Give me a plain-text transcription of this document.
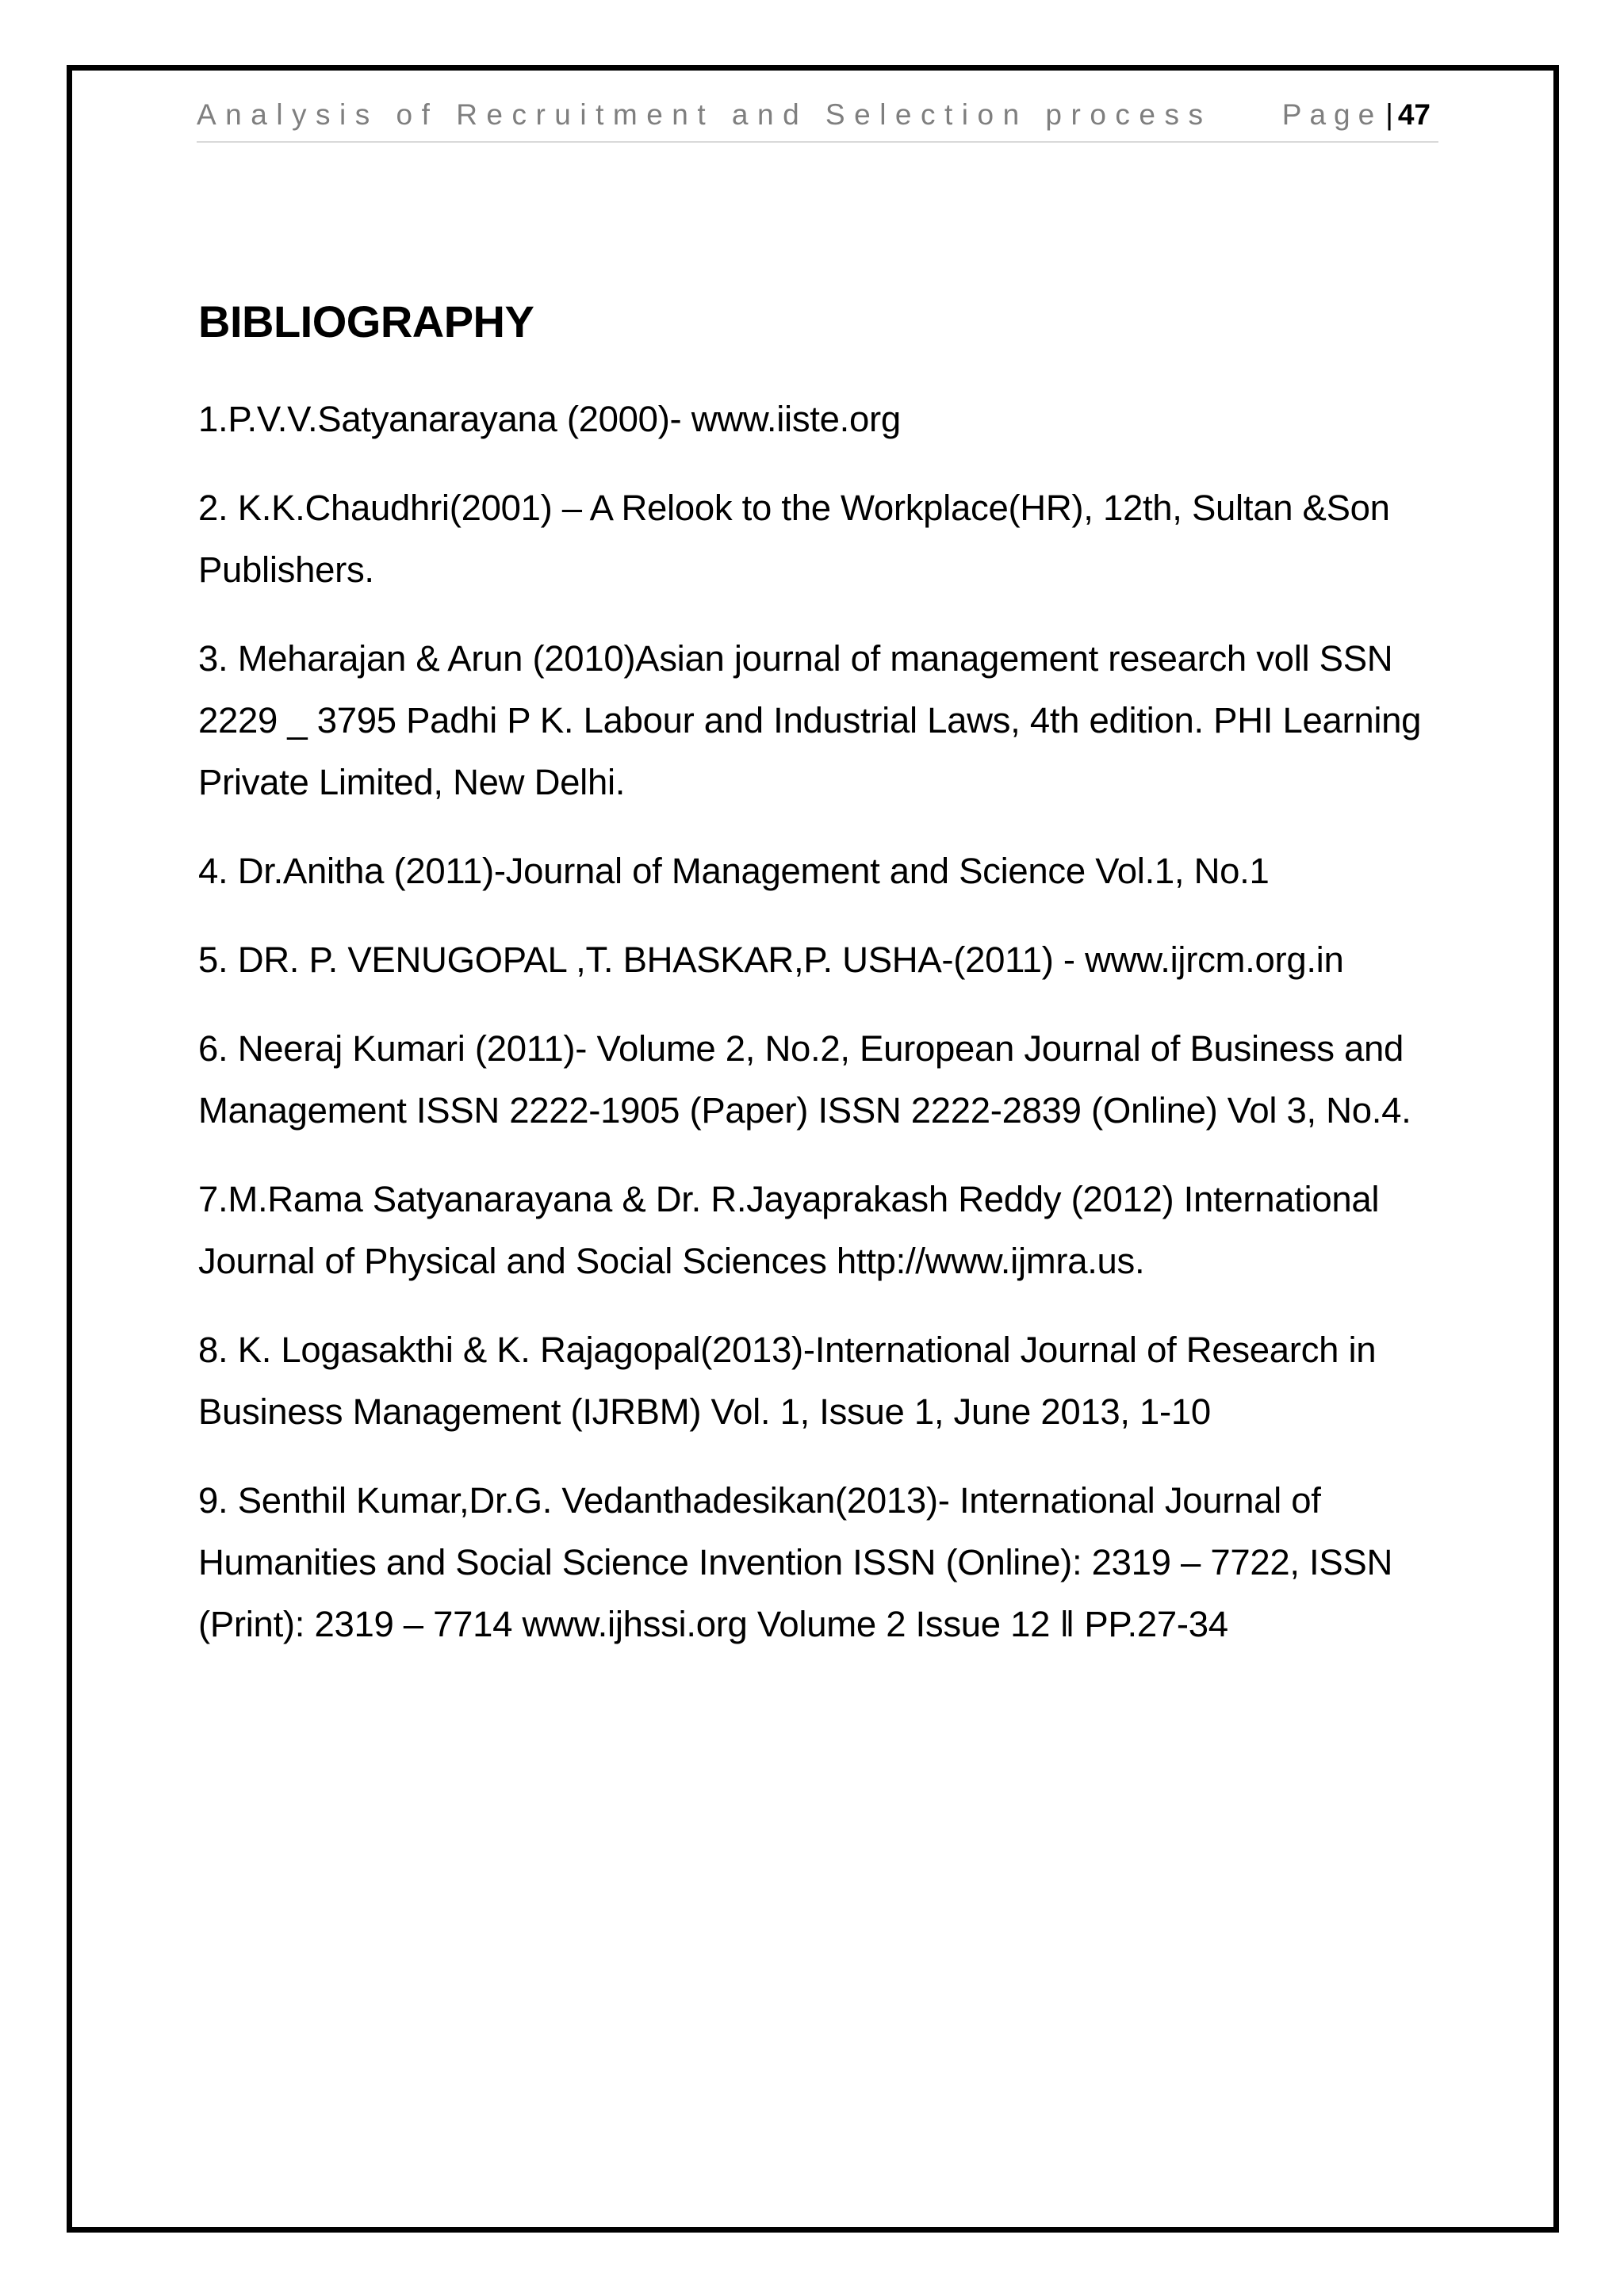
Analysis of Recruitment and Selection process Page | 47
BIBLIOGRAPHY
1.P.V.V.Satyanarayana (2000)- www.iiste.org
2. K.K.Chaudhri(2001) – A Relook to the Workplace(HR), 12th, Sultan &Son Publishers.
3. Meharajan & Arun (2010)Asian journal of management research voll SSN 2229 _ 3795 Padhi P K. Labour and Industrial Laws, 4th edition. PHI Learning Private Limited, New Delhi.
4. Dr.Anitha (2011)-Journal of Management and Science Vol.1, No.1
5. DR. P. VENUGOPAL ,T. BHASKAR,P. USHA-(2011) - www.ijrcm.org.in
6. Neeraj Kumari (2011)- Volume 2, No.2, European Journal of Business and Management ISSN 2222-1905 (Paper) ISSN 2222-2839 (Online) Vol 3, No.4.
7.M.Rama Satyanarayana & Dr. R.Jayaprakash Reddy (2012) International Journal of Physical and Social Sciences http://www.ijmra.us.
8. K. Logasakthi & K. Rajagopal(2013)-International Journal of Research in Business Management (IJRBM) Vol. 1, Issue 1, June 2013, 1-10
9. Senthil Kumar,Dr.G. Vedanthadesikan(2013)- International Journal of Humanities and Social Science Invention ISSN (Online): 2319 – 7722, ISSN (Print): 2319 – 7714 www.ijhssi.org Volume 2 Issue 12 ‖ PP.27-34
